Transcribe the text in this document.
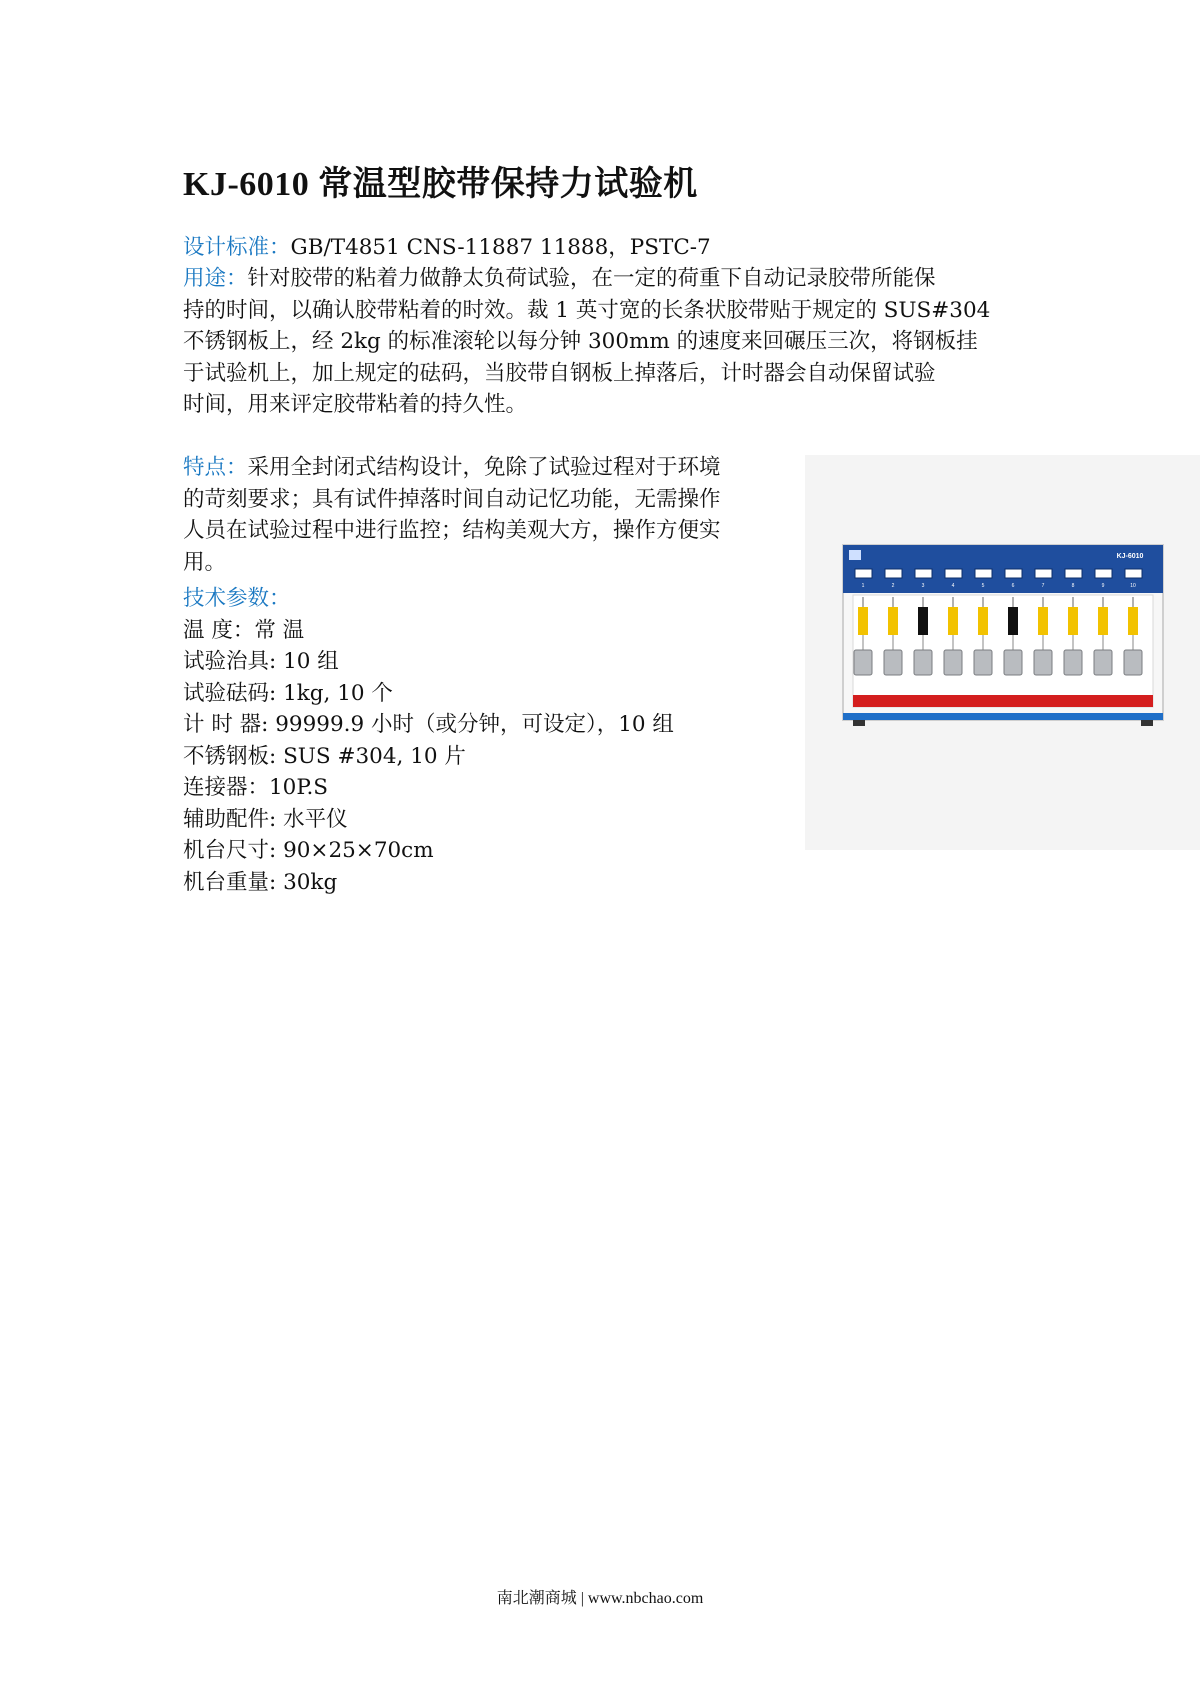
KJ-6010 常温型胶带保持力试验机
设计标准：GB/T4851 CNS-11887 11888，PSTC-7
用途：针对胶带的粘着力做静太负荷试验，在一定的荷重下自动记录胶带所能保
持的时间，以确认胶带粘着的时效。裁 1 英寸宽的长条状胶带贴于规定的 SUS#304
不锈钢板上，经 2kg 的标准滚轮以每分钟 300mm 的速度来回碾压三次，将钢板挂
于试验机上，加上规定的砝码，当胶带自钢板上掉落后，计时器会自动保留试验
时间，用来评定胶带粘着的持久性。
特点：采用全封闭式结构设计，免除了试验过程对于环境
的苛刻要求；具有试件掉落时间自动记忆功能，无需操作
人员在试验过程中进行监控；结构美观大方，操作方便实
用。
技术参数：
温 度：常 温
试验治具: 10 组
试验砝码: 1kg, 10 个
计 时 器: 99999.9 小时（或分钟，可设定），10 组
不锈钢板: SUS #304, 10 片
连接器：10P.S
辅助配件: 水平仪
机台尺寸: 90×25×70cm
机台重量: 30kg
KJ-6010
1	2	3	4	5	6	7	8	9	10
南北潮商城 | www.nbchao.com
